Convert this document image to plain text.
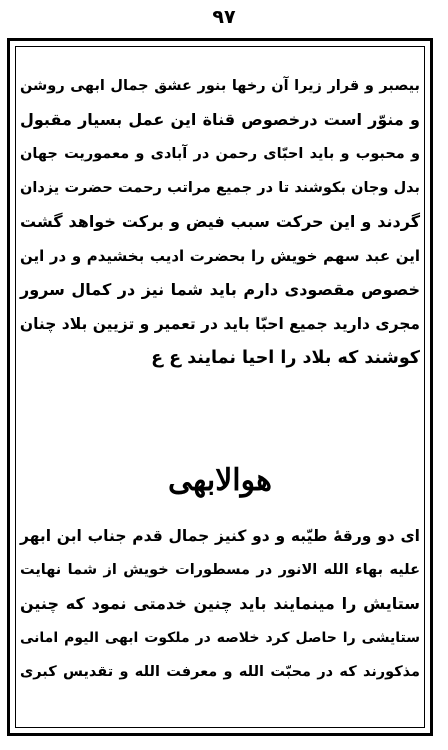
۹۷
بیصبر و قرار زیرا آن رخها بنور عشق جمال ابهی روشن
و منوّر است درخصوص قناة این عمل بسیار مقبول
و محبوب و باید احبّای رحمن در آبادی و معموریت جهان
بدل وجان بکوشند تا در جمیع مراتب رحمت حضرت یزدان
گردند و این حرکت سبب فیض و برکت خواهد گشت
این عبد سهم خویش را بحضرت ادیب بخشیدم و در این
خصوص مقصودی دارم باید شما نیز در کمال سرور
مجری دارید جمیع احبّا باید در تعمیر و تزیین بلاد چنان
کوشند که بلاد را احیا نمایند ع ع
هوالابهی
ای دو ورقهٔ طیّبه و دو کنیز جمال قدم جناب ابن ابهر
علیه بهاء الله الانور در مسطورات خویش از شما نهایت
ستایش را مینمایند باید چنین خدمتی نمود که چنین
ستایشی را حاصل کرد خلاصه در ملکوت ابهی الیوم امانی
مذکورند که در محبّت الله و معرفت الله و تقدیس کبری
